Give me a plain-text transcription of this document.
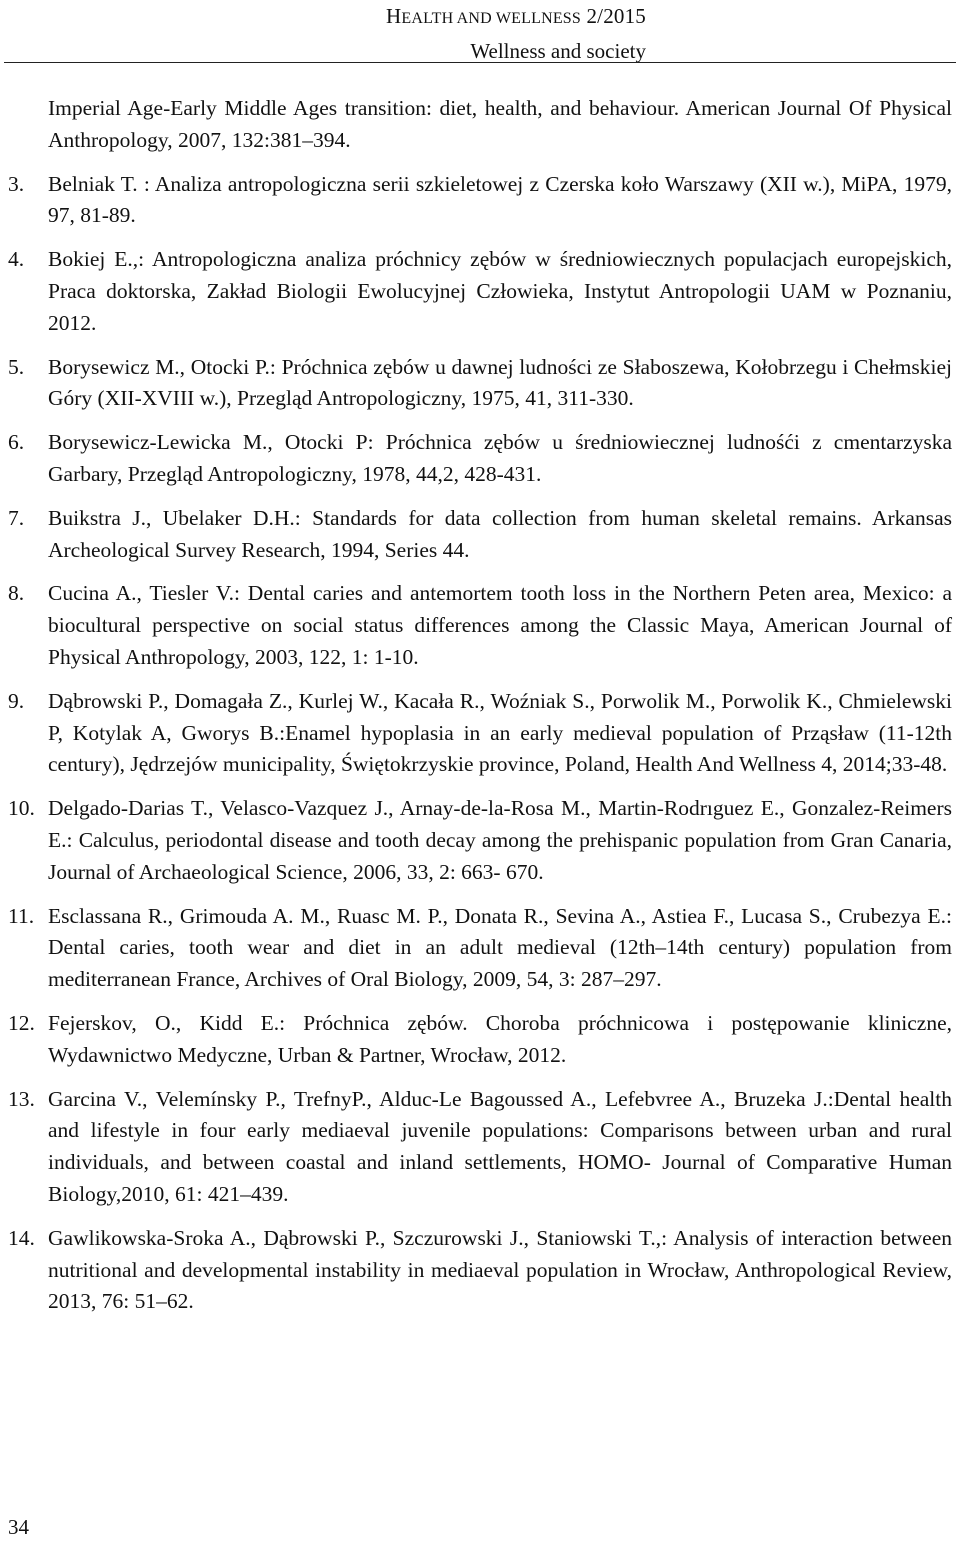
HEALTH AND WELLNESS 2/2015
Wellness and society
Imperial Age-Early Middle Ages transition: diet, health, and behaviour. American Journal Of Physical Anthropology, 2007, 132:381–394.
3.	Belniak T. : Analiza antropologiczna serii szkieletowej z Czerska koło Warszawy (XII w.), MiPA, 1979, 97, 81-89.
4.	Bokiej E.,: Antropologiczna analiza próchnicy zębów w średniowiecznych populacjach europejskich, Praca doktorska, Zakład Biologii Ewolucyjnej Człowieka, Instytut Antropologii UAM w Poznaniu, 2012.
5.	Borysewicz M., Otocki P.: Próchnica zębów u dawnej ludności ze Słaboszewa, Kołobrzegu i Chełmskiej Góry (XII-XVIII w.), Przegląd Antropologiczny, 1975, 41, 311-330.
6.	Borysewicz-Lewicka M., Otocki P: Próchnica zębów u średniowiecznej ludnośći z cmentarzyska Garbary, Przegląd Antropologiczny, 1978, 44,2, 428-431.
7.	Buikstra J., Ubelaker D.H.: Standards for data collection from human skeletal remains. Arkansas Archeological Survey Research, 1994, Series 44.
8.	Cucina A., Tiesler V.: Dental caries and antemortem tooth loss in the Northern Peten area, Mexico: a biocultural perspective on social status differences among the Classic Maya, American Journal of Physical Anthropology, 2003, 122, 1: 1-10.
9.	Dąbrowski P., Domagała Z., Kurlej W., Kacała R., Woźniak S., Porwolik M., Porwolik K., Chmielewski P, Kotylak A, Gworys B.:Enamel hypoplasia in an early medieval population of Prząsław (11-12th century), Jędrzejów municipality, Świętokrzyskie province, Poland, Health And Wellness 4, 2014;33-48.
10. Delgado-Darias T., Velasco-Vazquez J., Arnay-de-la-Rosa M., Martin-Rodrıguez E., Gonzalez-Reimers E.: Calculus, periodontal disease and tooth decay among the prehispanic population from Gran Canaria, Journal of Archaeological Science, 2006, 33, 2: 663- 670.
11. Esclassana R., Grimouda A. M., Ruasc M. P., Donata R., Sevina A., Astiea F., Lucasa S., Crubezya E.: Dental caries, tooth wear and diet in an adult medieval (12th–14th century) population from mediterranean France, Archives of Oral Biology, 2009, 54, 3: 287–297.
12. Fejerskov, O., Kidd E.: Próchnica zębów. Choroba próchnicowa i postępowanie kliniczne, Wydawnictwo Medyczne, Urban & Partner, Wrocław, 2012.
13. Garcina V., Velemínsky P., TrefnyP., Alduc-Le Bagoussed A., Lefebvree A., Bruzeka J.:Dental health and lifestyle in four early mediaeval juvenile populations: Comparisons between urban and rural individuals, and between coastal and inland settlements, HOMO- Journal of Comparative Human Biology,2010, 61: 421–439.
14. Gawlikowska-Sroka A., Dąbrowski P., Szczurowski J., Staniowski T.,: Analysis of interaction between nutritional and developmental instability in mediaeval population in Wrocław, Anthropological Review, 2013, 76: 51–62.
34
